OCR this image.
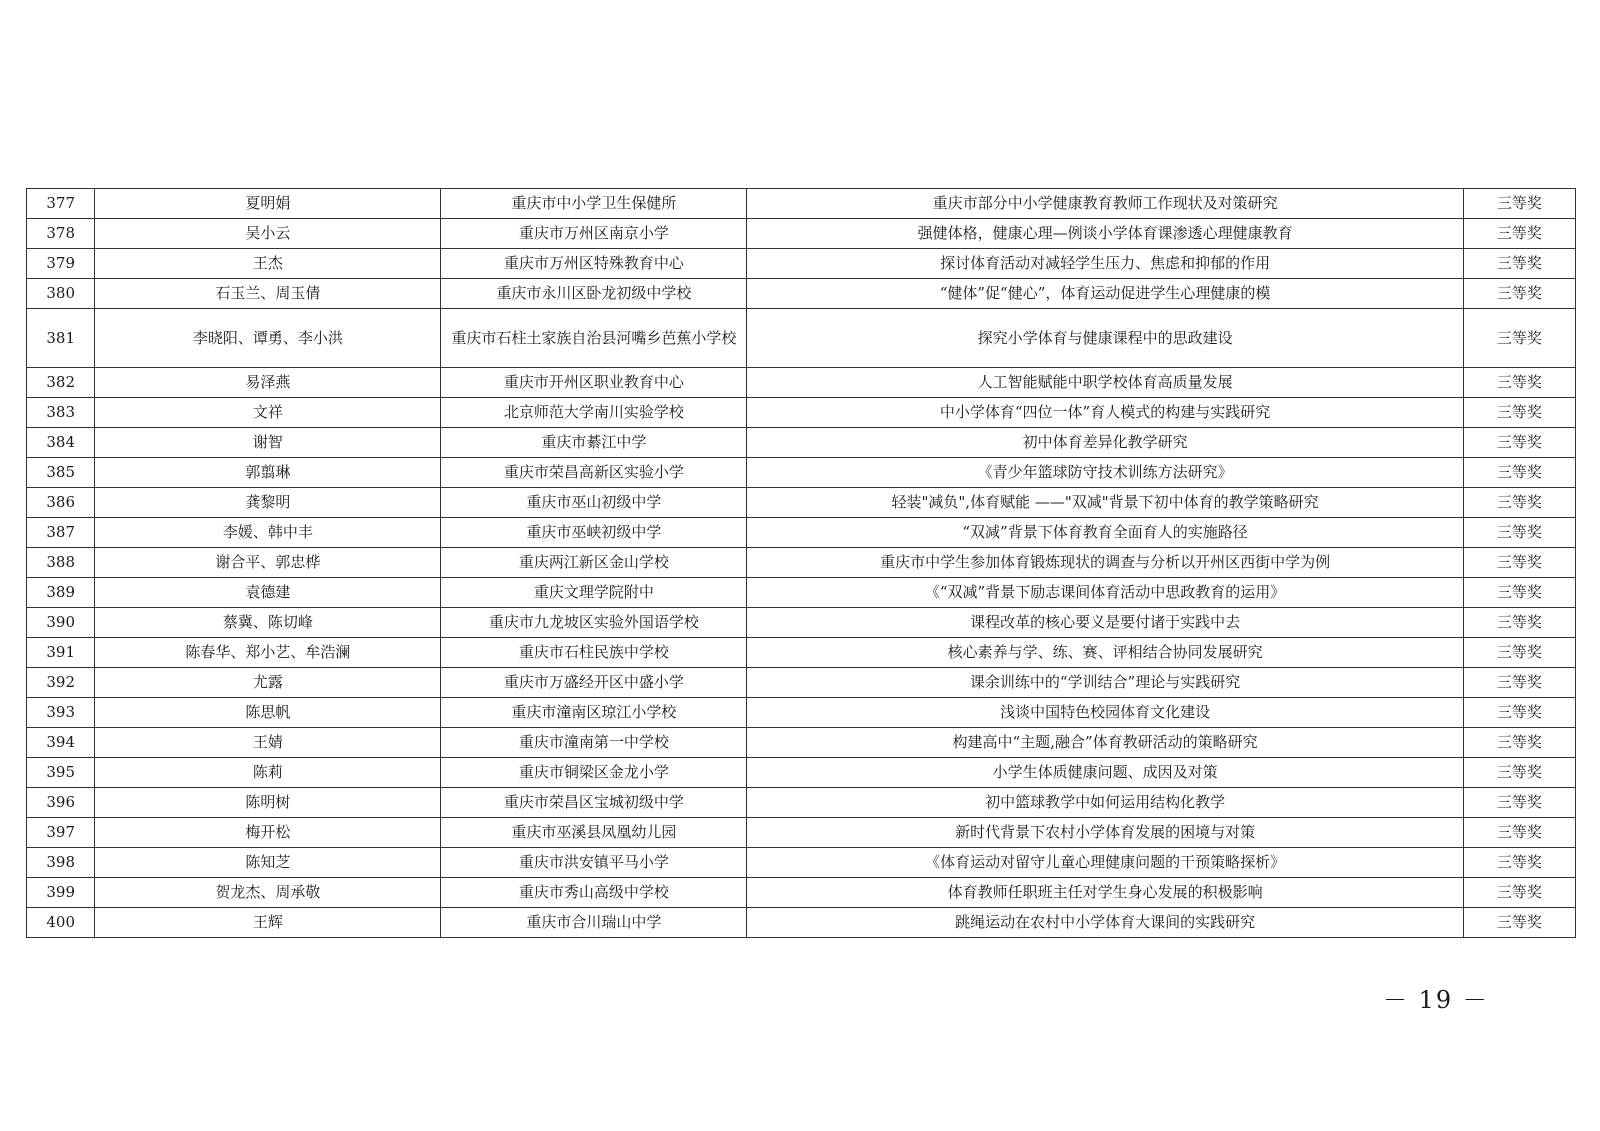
377	夏明娟	重庆市中小学卫生保健所	重庆市部分中小学健康教育教师工作现状及对策研究	三等奖
378	吴小云	重庆市万州区南京小学	强健体格，健康心理—例谈小学体育课渗透心理健康教育	三等奖
379	王杰	重庆市万州区特殊教育中心	探讨体育活动对减轻学生压力、焦虑和抑郁的作用	三等奖
380	石玉兰、周玉倩	重庆市永川区卧龙初级中学校	“健体”促“健心”，体育运动促进学生心理健康的模	三等奖
381	李晓阳、谭勇、李小洪	重庆市石柱土家族自治县河嘴乡芭蕉小学校	探究小学体育与健康课程中的思政建设	三等奖
382	易泽燕	重庆市开州区职业教育中心	人工智能赋能中职学校体育高质量发展	三等奖
383	文祥	北京师范大学南川实验学校	中小学体育“四位一体”育人模式的构建与实践研究	三等奖
384	谢智	重庆市綦江中学	初中体育差异化教学研究	三等奖
385	郭翦琳	重庆市荣昌高新区实验小学	《青少年篮球防守技术训练方法研究》	三等奖
386	龚黎明	重庆市巫山初级中学	轻装"减负",体育赋能 ——"双减"背景下初中体育的教学策略研究	三等奖
387	李媛、韩中丰	重庆市巫峡初级中学	“双减”背景下体育教育全面育人的实施路径	三等奖
388	谢合平、郭忠桦	重庆两江新区金山学校	重庆市中学生参加体育锻炼现状的调查与分析以开州区西街中学为例	三等奖
389	袁德建	重庆文理学院附中	《“双减”背景下励志课间体育活动中思政教育的运用》	三等奖
390	蔡冀、陈切峰	重庆市九龙坡区实验外国语学校	课程改革的核心要义是要付诸于实践中去	三等奖
391	陈春华、郑小艺、牟浩澜	重庆市石柱民族中学校	核心素养与学、练、赛、评相结合协同发展研究	三等奖
392	尤露	重庆市万盛经开区中盛小学	课余训练中的“学训结合”理论与实践研究	三等奖
393	陈思帆	重庆市潼南区琼江小学校	浅谈中国特色校园体育文化建设	三等奖
394	王婧	重庆市潼南第一中学校	构建高中“主题,融合”体育教研活动的策略研究	三等奖
395	陈莉	重庆市铜梁区金龙小学	小学生体质健康问题、成因及对策	三等奖
396	陈明树	重庆市荣昌区宝城初级中学	初中篮球教学中如何运用结构化教学	三等奖
397	梅开松	重庆市巫溪县凤凰幼儿园	新时代背景下农村小学体育发展的困境与对策	三等奖
398	陈知芝	重庆市洪安镇平马小学	《体育运动对留守儿童心理健康问题的干预策略探析》	三等奖
399	贺龙杰、周承敬	重庆市秀山高级中学校	体育教师任职班主任对学生身心发展的积极影响	三等奖
400	王辉	重庆市合川瑞山中学	跳绳运动在农村中小学体育大课间的实践研究	三等奖
－ 19 －
